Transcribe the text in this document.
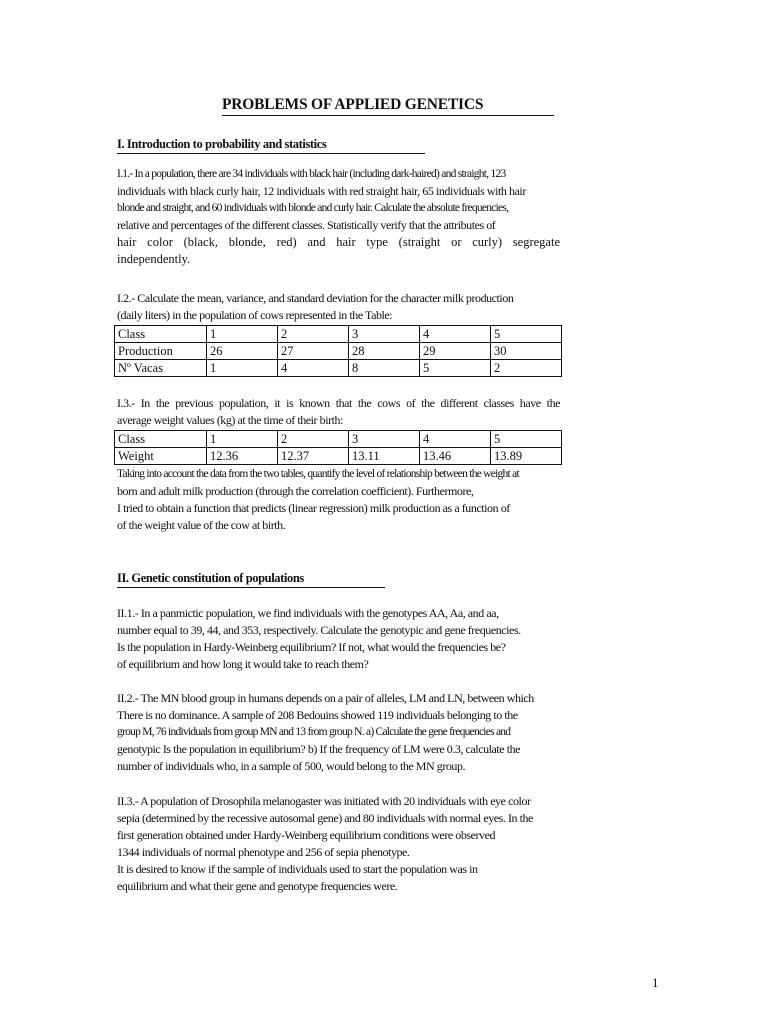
PROBLEMS OF APPLIED GENETICS
I. Introduction to probability and statistics
I.1.- In a population, there are 34 individuals with black hair (including dark-haired) and straight, 123
individuals with black curly hair, 12 individuals with red straight hair, 65 individuals with hair
blonde and straight, and 60 individuals with blonde and curly hair. Calculate the absolute frequencies,
relative and percentages of the different classes. Statistically verify that the attributes of
hair color (black, blonde, red) and hair type (straight or curly) segregate
independently.
I.2.- Calculate the mean, variance, and standard deviation for the character milk production
(daily liters) in the population of cows represented in the Table:
Class	1	2	3	4	5
Production	26	27	28	29	30
Nº Vacas	1	4	8	5	2
I.3.- In the previous population, it is known that the cows of the different classes have the
average weight values (kg) at the time of their birth:
Class	1	2	3	4	5
Weight	12.36	12.37	13.11	13.46	13.89
Taking into account the data from the two tables, quantify the level of relationship between the weight at
born and adult milk production (through the correlation coefficient). Furthermore,
I tried to obtain a function that predicts (linear regression) milk production as a function of
of the weight value of the cow at birth.
II. Genetic constitution of populations
II.1.- In a panmictic population, we find individuals with the genotypes AA, Aa, and aa,
number equal to 39, 44, and 353, respectively. Calculate the genotypic and gene frequencies.
Is the population in Hardy-Weinberg equilibrium? If not, what would the frequencies be?
of equilibrium and how long it would take to reach them?
II.2.- The MN blood group in humans depends on a pair of alleles, LM and LN, between which
There is no dominance. A sample of 208 Bedouins showed 119 individuals belonging to the
group M, 76 individuals from group MN and 13 from group N. a) Calculate the gene frequencies and
genotypic Is the population in equilibrium? b) If the frequency of LM were 0.3, calculate the
number of individuals who, in a sample of 500, would belong to the MN group.
II.3.- A population of Drosophila melanogaster was initiated with 20 individuals with eye color
sepia (determined by the recessive autosomal gene) and 80 individuals with normal eyes. In the
first generation obtained under Hardy-Weinberg equilibrium conditions were observed
1344 individuals of normal phenotype and 256 of sepia phenotype.
It is desired to know if the sample of individuals used to start the population was in
equilibrium and what their gene and genotype frequencies were.
1
